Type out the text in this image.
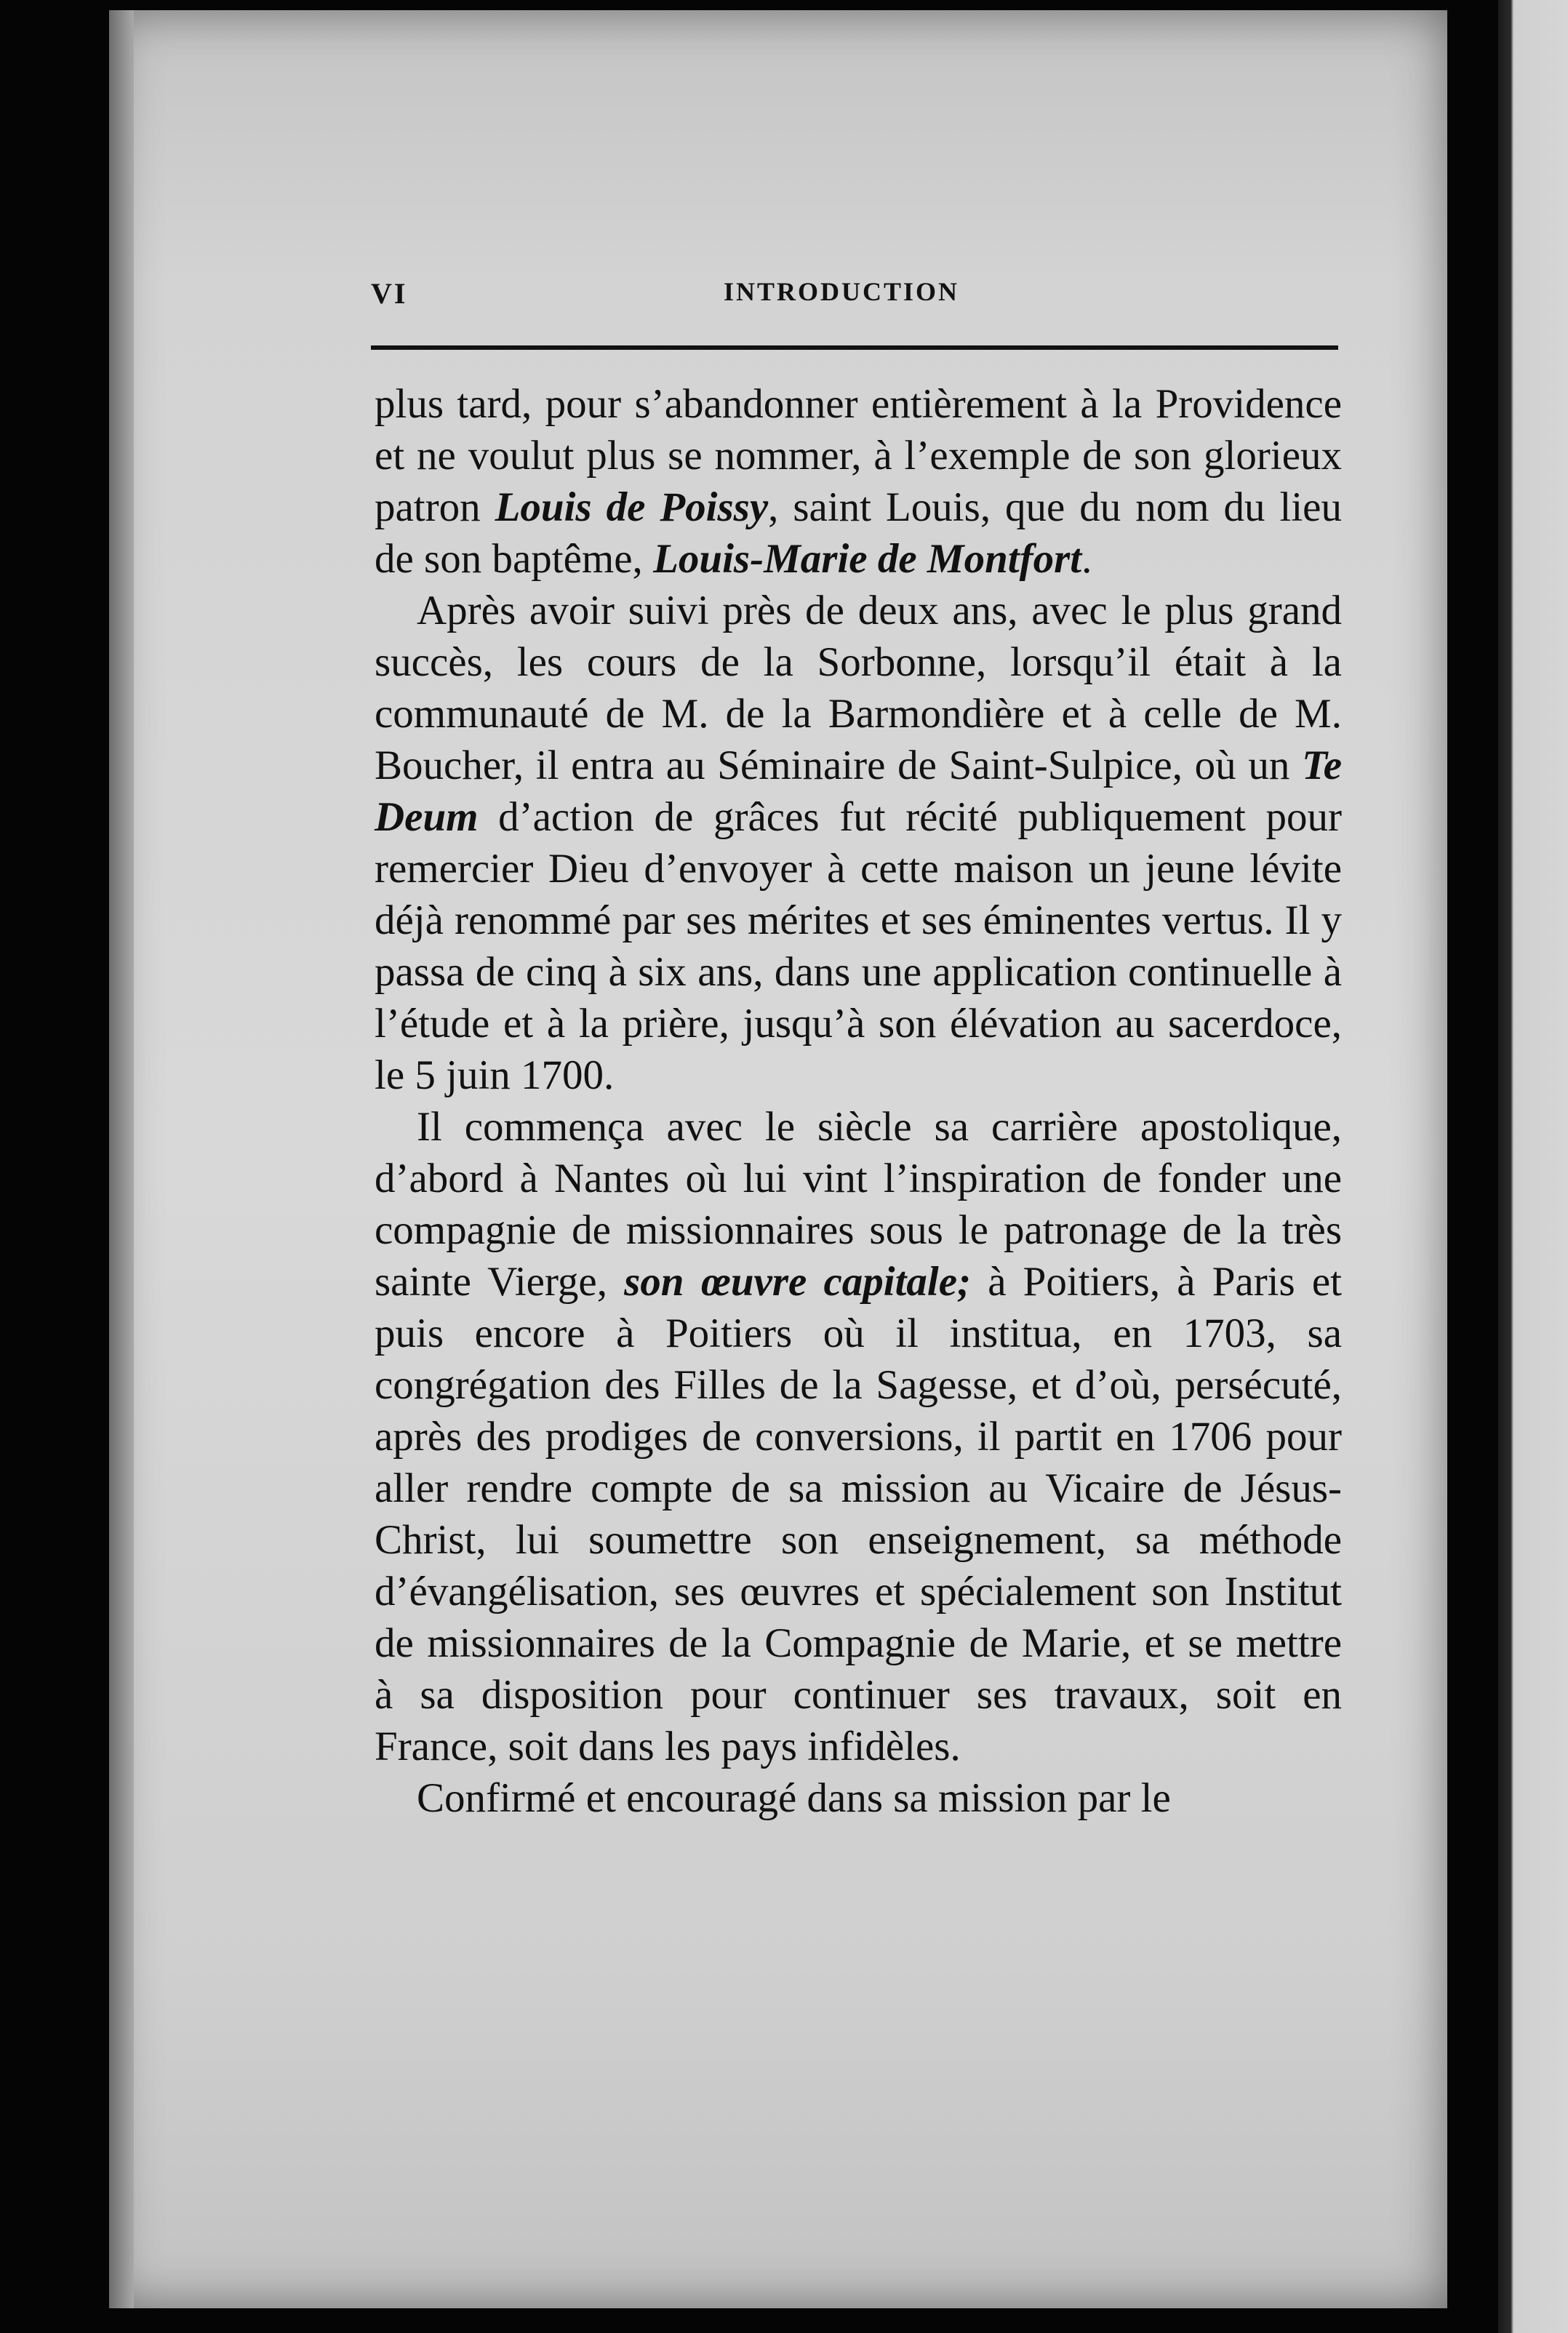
VI	INTRODUCTION

plus tard, pour s’abandonner entièrement à la Providence et ne voulut plus se nommer, à l’exemple de son glorieux patron Louis de Poissy, saint Louis, que du nom du lieu de son baptême, Louis-Marie de Montfort.

Après avoir suivi près de deux ans, avec le plus grand succès, les cours de la Sorbonne, lorsqu’il était à la communauté de M. de la Barmondière et à celle de M. Boucher, il entra au Séminaire de Saint-Sulpice, où un Te Deum d’action de grâces fut récité publiquement pour remercier Dieu d’envoyer à cette maison un jeune lévite déjà renommé par ses mérites et ses éminentes vertus. Il y passa de cinq à six ans, dans une application continuelle à l’étude et à la prière, jusqu’à son élévation au sacerdoce, le 5 juin 1700.

Il commença avec le siècle sa carrière apostolique, d’abord à Nantes où lui vint l’inspiration de fonder une compagnie de missionnaires sous le patronage de la très sainte Vierge, son œuvre capitale; à Poitiers, à Paris et puis encore à Poitiers où il institua, en 1703, sa congrégation des Filles de la Sagesse, et d’où, persécuté, après des prodiges de conversions, il partit en 1706 pour aller rendre compte de sa mission au Vicaire de Jésus-Christ, lui soumettre son enseignement, sa méthode d’évangélisation, ses œuvres et spécialement son Institut de missionnaires de la Compagnie de Marie, et se mettre à sa disposition pour continuer ses travaux, soit en France, soit dans les pays infidèles.

Confirmé et encouragé dans sa mission par le
